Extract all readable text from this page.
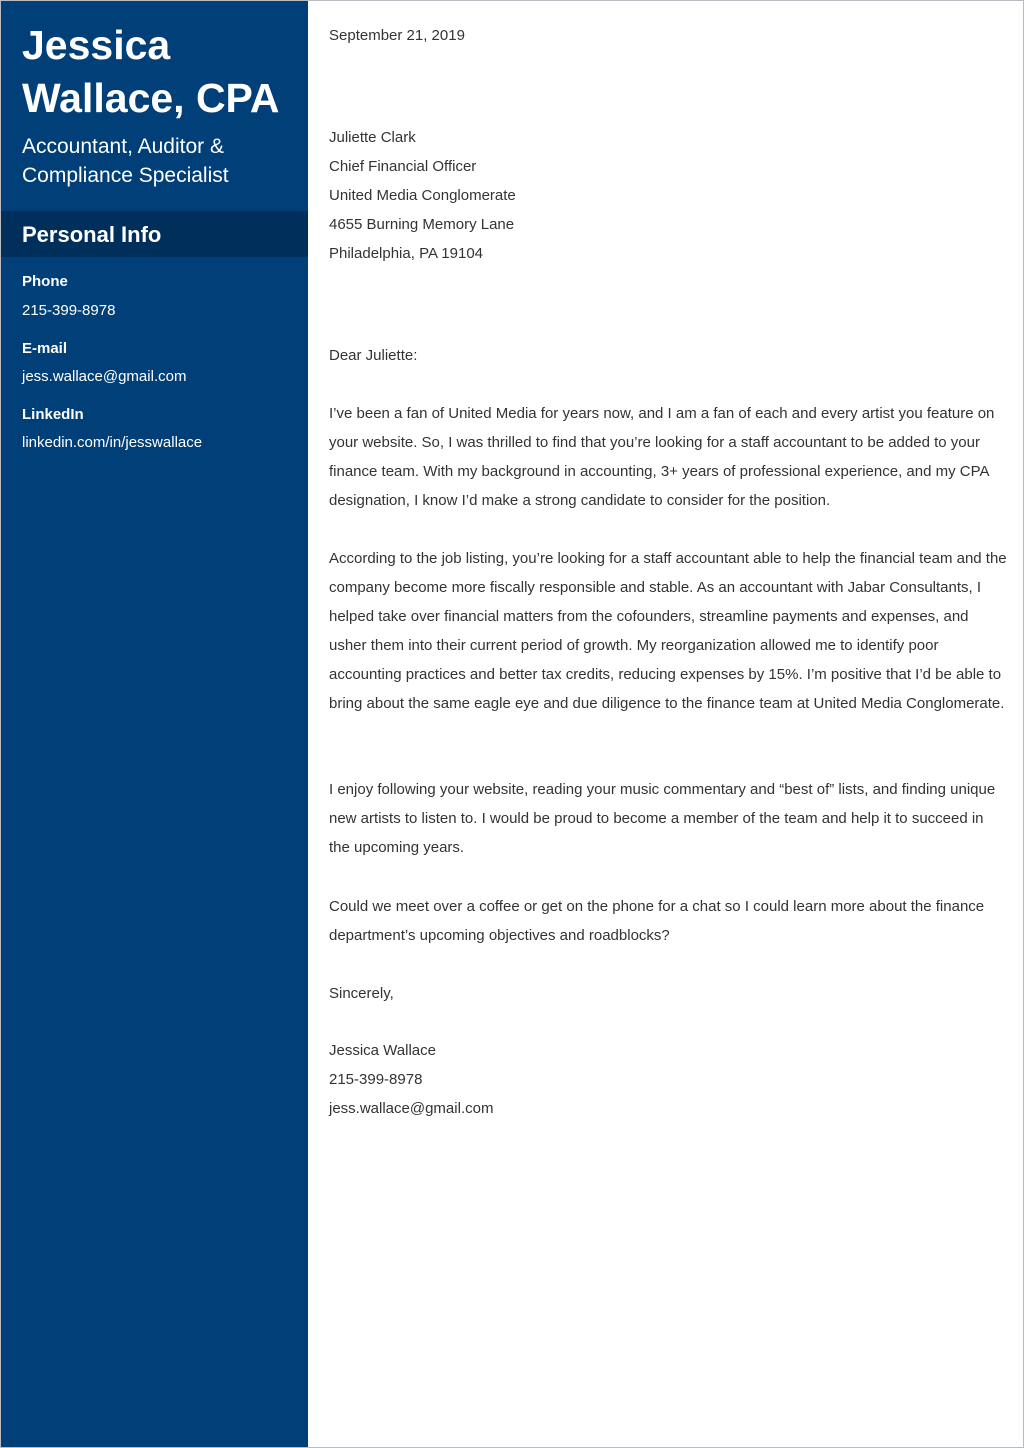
Jessica
Wallace, CPA
Accountant, Auditor &
Compliance Specialist
Personal Info
Phone
215-399-8978
E-mail
jess.wallace@gmail.com
LinkedIn
linkedin.com/in/jesswallace
September 21, 2019
Juliette Clark
Chief Financial Officer
United Media Conglomerate
4655 Burning Memory Lane
Philadelphia, PA 19104
Dear Juliette:

I’ve been a fan of United Media for years now, and I am a fan of each and every artist you feature on your website. So, I was thrilled to find that you’re looking for a staff accountant to be added to your finance team. With my background in accounting, 3+ years of professional experience, and my CPA designation, I know I’d make a strong candidate to consider for the position.

According to the job listing, you’re looking for a staff accountant able to help the financial team and the company become more fiscally responsible and stable. As an accountant with Jabar Consultants, I helped take over financial matters from the cofounders, streamline payments and expenses, and usher them into their current period of growth. My reorganization allowed me to identify poor accounting practices and better tax credits, reducing expenses by 15%. I’m positive that I’d be able to bring about the same eagle eye and due diligence to the finance team at United Media Conglomerate.

I enjoy following your website, reading your music commentary and “best of” lists, and finding unique new artists to listen to. I would be proud to become a member of the team and help it to succeed in the upcoming years.

Could we meet over a coffee or get on the phone for a chat so I could learn more about the finance department’s upcoming objectives and roadblocks?

Sincerely,
Jessica Wallace
215-399-8978
jess.wallace@gmail.com
